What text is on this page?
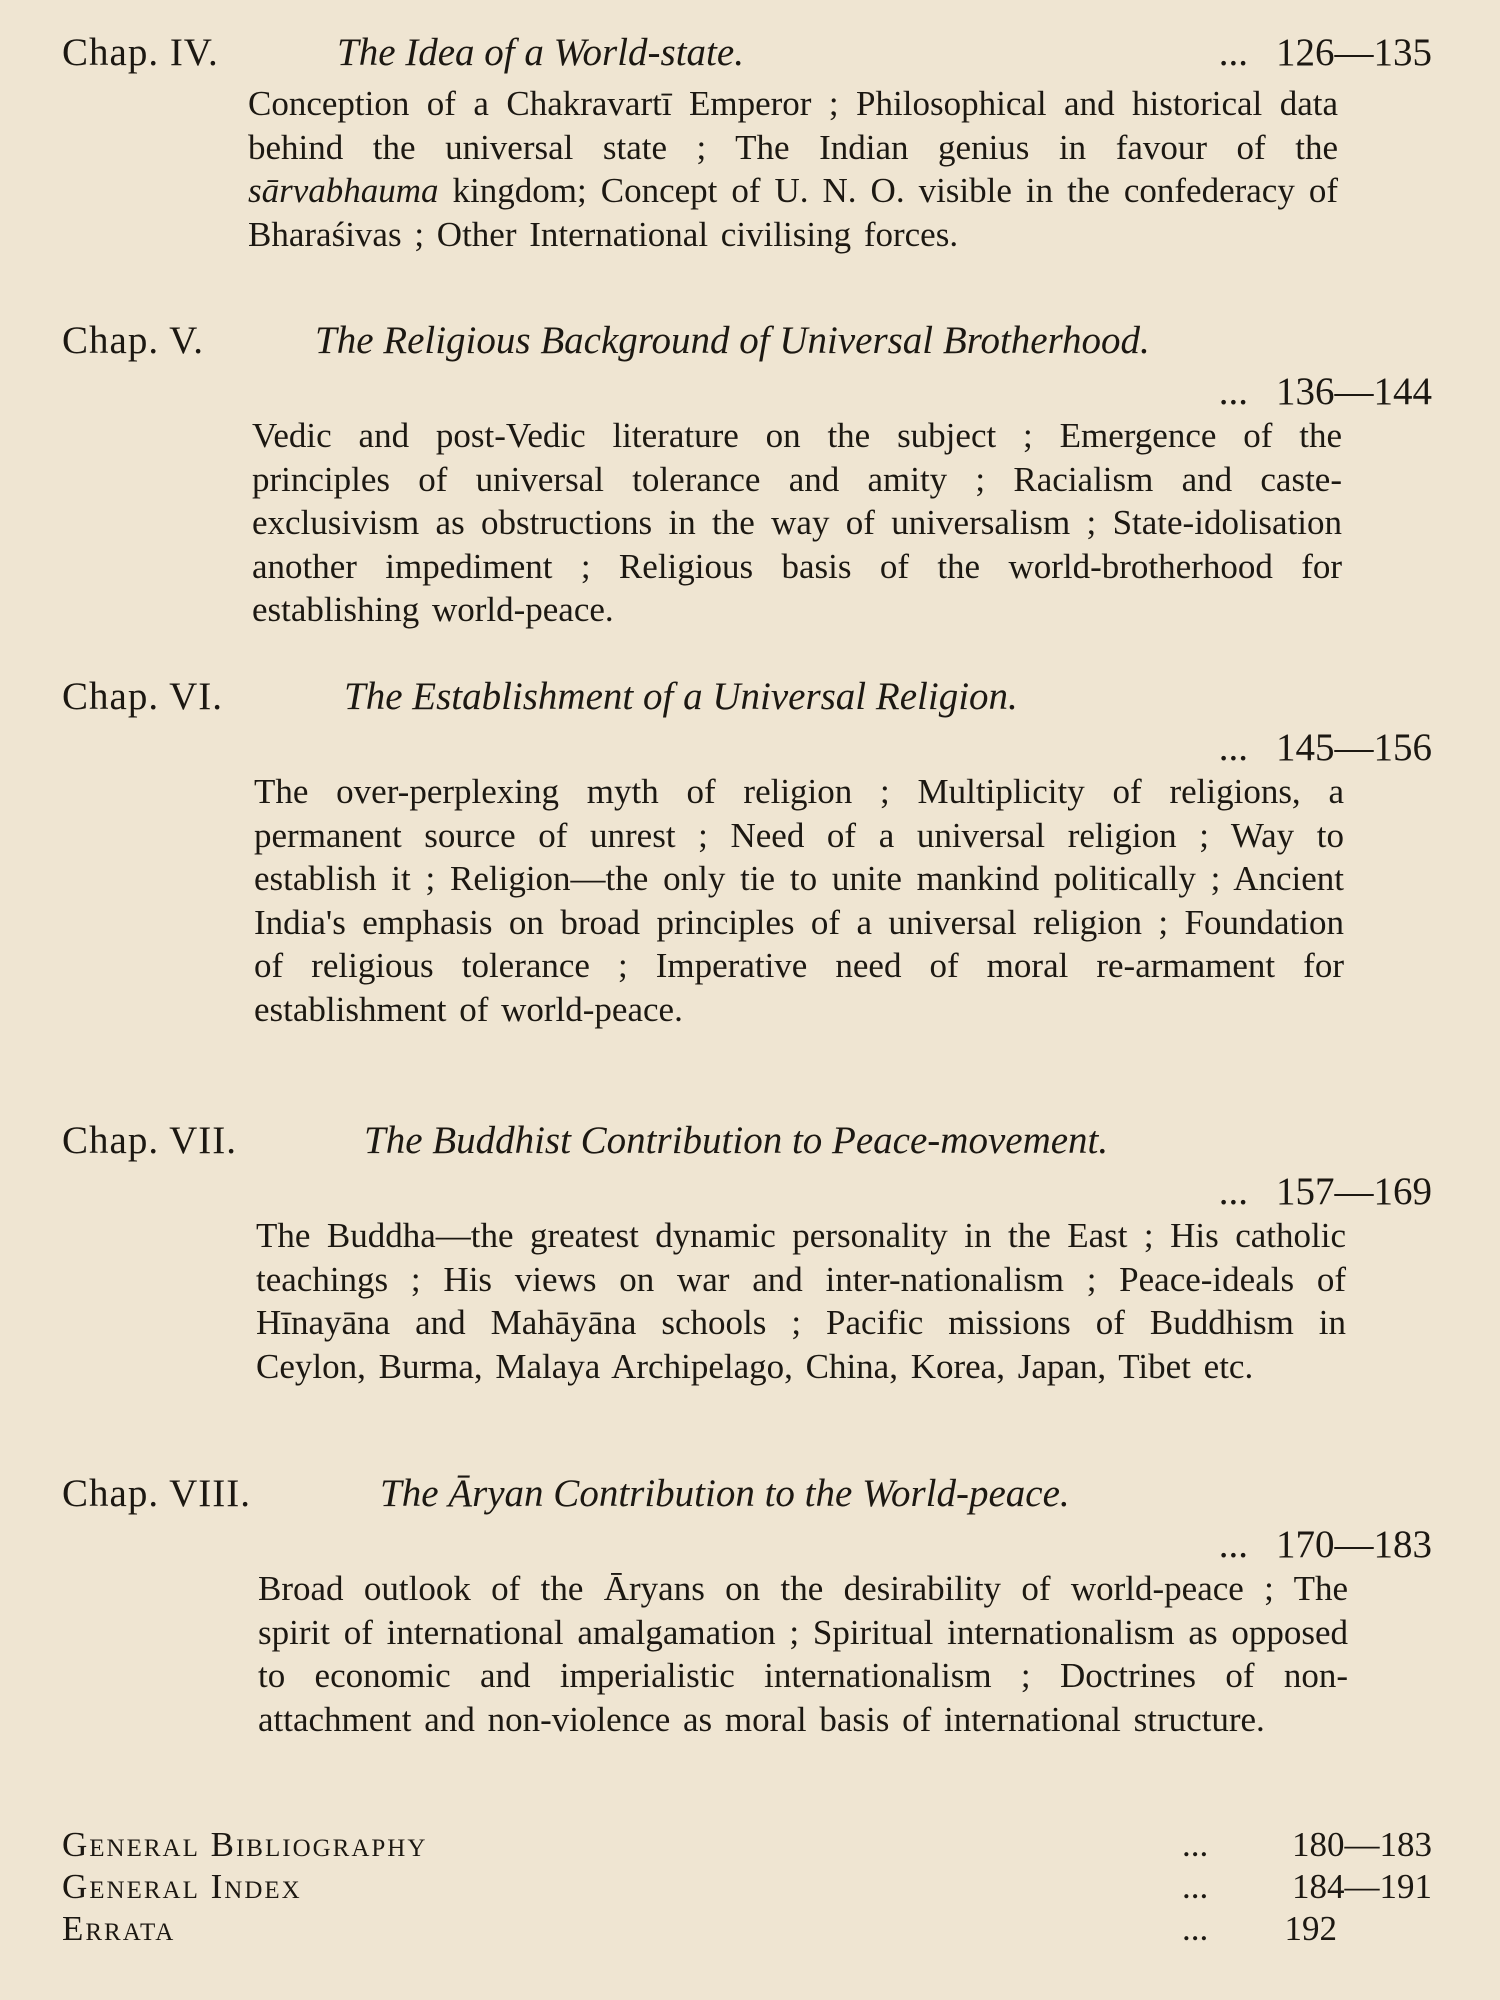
Chap. IV.	The Idea of a World-state.	... 126—135
Conception of a Chakravartī Emperor ; Philosophical and historical data behind the universal state ; The Indian genius in favour of the sārvabhauma kingdom; Concept of U. N. O. visible in the confederacy of Bharaśivas ; Other International civilising forces.
Chap. V.	The Religious Background of Universal Brotherhood.
... 136—144
Vedic and post-Vedic literature on the subject ; Emergence of the principles of universal tolerance and amity ; Racialism and caste-exclusivism as obstructions in the way of universalism ; State-idolisation another impediment ; Religious basis of the world-brotherhood for establishing world-peace.
Chap. VI.	The Establishment of a Universal Religion.
... 145—156
The over-perplexing myth of religion ; Multiplicity of religions, a permanent source of unrest ; Need of a universal religion ; Way to establish it ; Religion—the only tie to unite mankind politically ; Ancient India's emphasis on broad principles of a universal religion ; Foundation of religious tolerance ; Imperative need of moral re-armament for establishment of world-peace.
Chap. VII.	The Buddhist Contribution to Peace-movement.
... 157—169
The Buddha—the greatest dynamic personality in the East ; His catholic teachings ; His views on war and inter-nationalism ; Peace-ideals of Hīnayāna and Mahāyāna schools ; Pacific missions of Buddhism in Ceylon, Burma, Malaya Archipelago, China, Korea, Japan, Tibet etc.
Chap. VIII.	The Āryan Contribution to the World-peace.
... 170—183
Broad outlook of the Āryans on the desirability of world-peace ; The spirit of international amalgamation ; Spiritual internationalism as opposed to economic and imperialistic internationalism ; Doctrines of non-attachment and non-violence as moral basis of international structure.
General Bibliography	... 180—183
General Index	... 184—191
Errata	... 192
